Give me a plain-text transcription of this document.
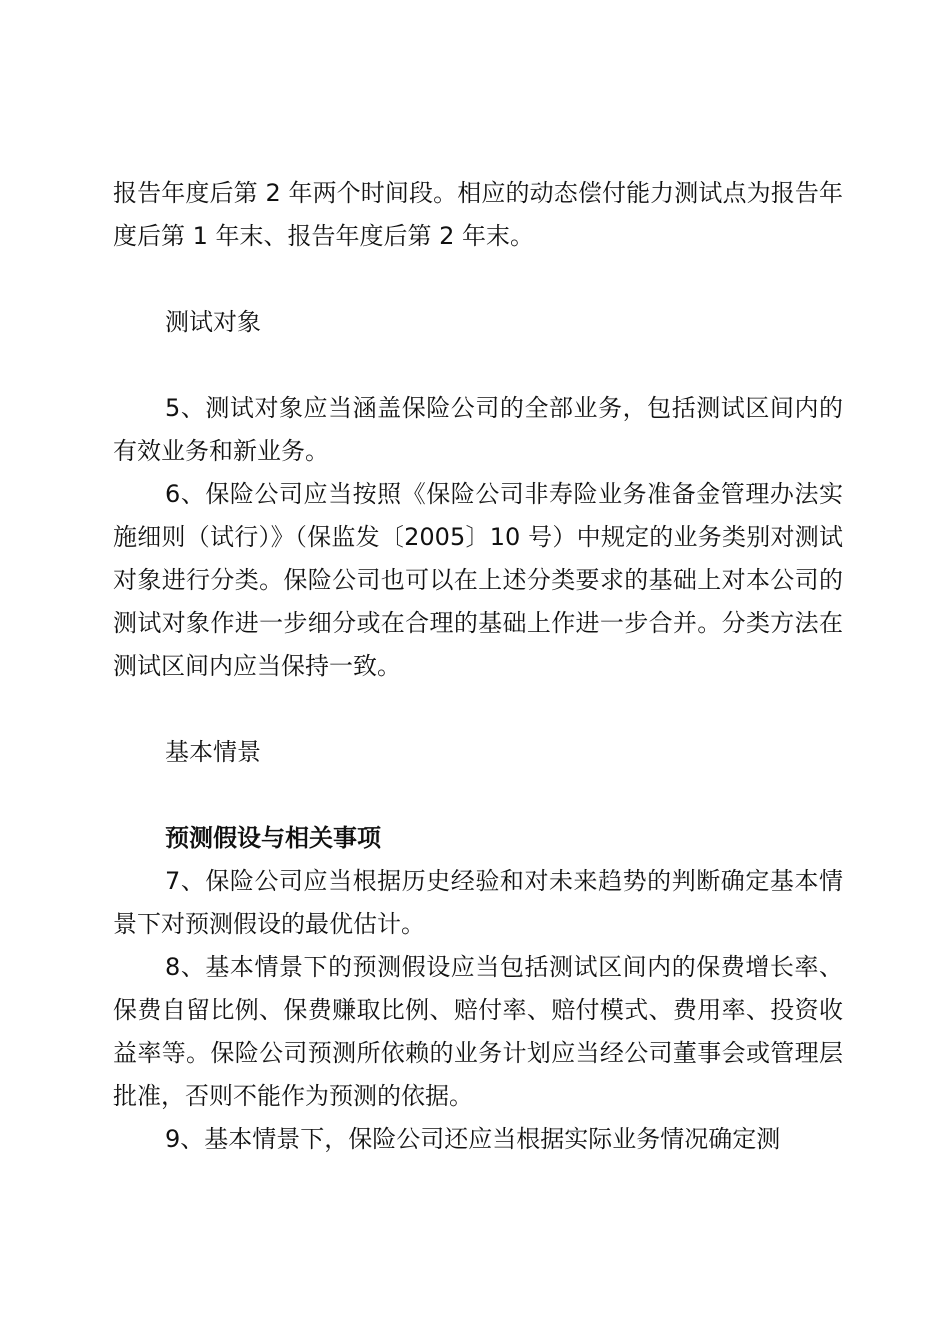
报告年度后第 2 年两个时间段。相应的动态偿付能力测试点为报告年度后第 1 年末、报告年度后第 2 年末。

测试对象

5、测试对象应当涵盖保险公司的全部业务，包括测试区间内的有效业务和新业务。

6、保险公司应当按照《保险公司非寿险业务准备金管理办法实施细则（试行）》（保监发〔2005〕10 号）中规定的业务类别对测试对象进行分类。保险公司也可以在上述分类要求的基础上对本公司的测试对象作进一步细分或在合理的基础上作进一步合并。分类方法在测试区间内应当保持一致。

基本情景

预测假设与相关事项

7、保险公司应当根据历史经验和对未来趋势的判断确定基本情景下对预测假设的最优估计。

8、基本情景下的预测假设应当包括测试区间内的保费增长率、保费自留比例、保费赚取比例、赔付率、赔付模式、费用率、投资收益率等。保险公司预测所依赖的业务计划应当经公司董事会或管理层批准，否则不能作为预测的依据。

9、基本情景下，保险公司还应当根据实际业务情况确定测
